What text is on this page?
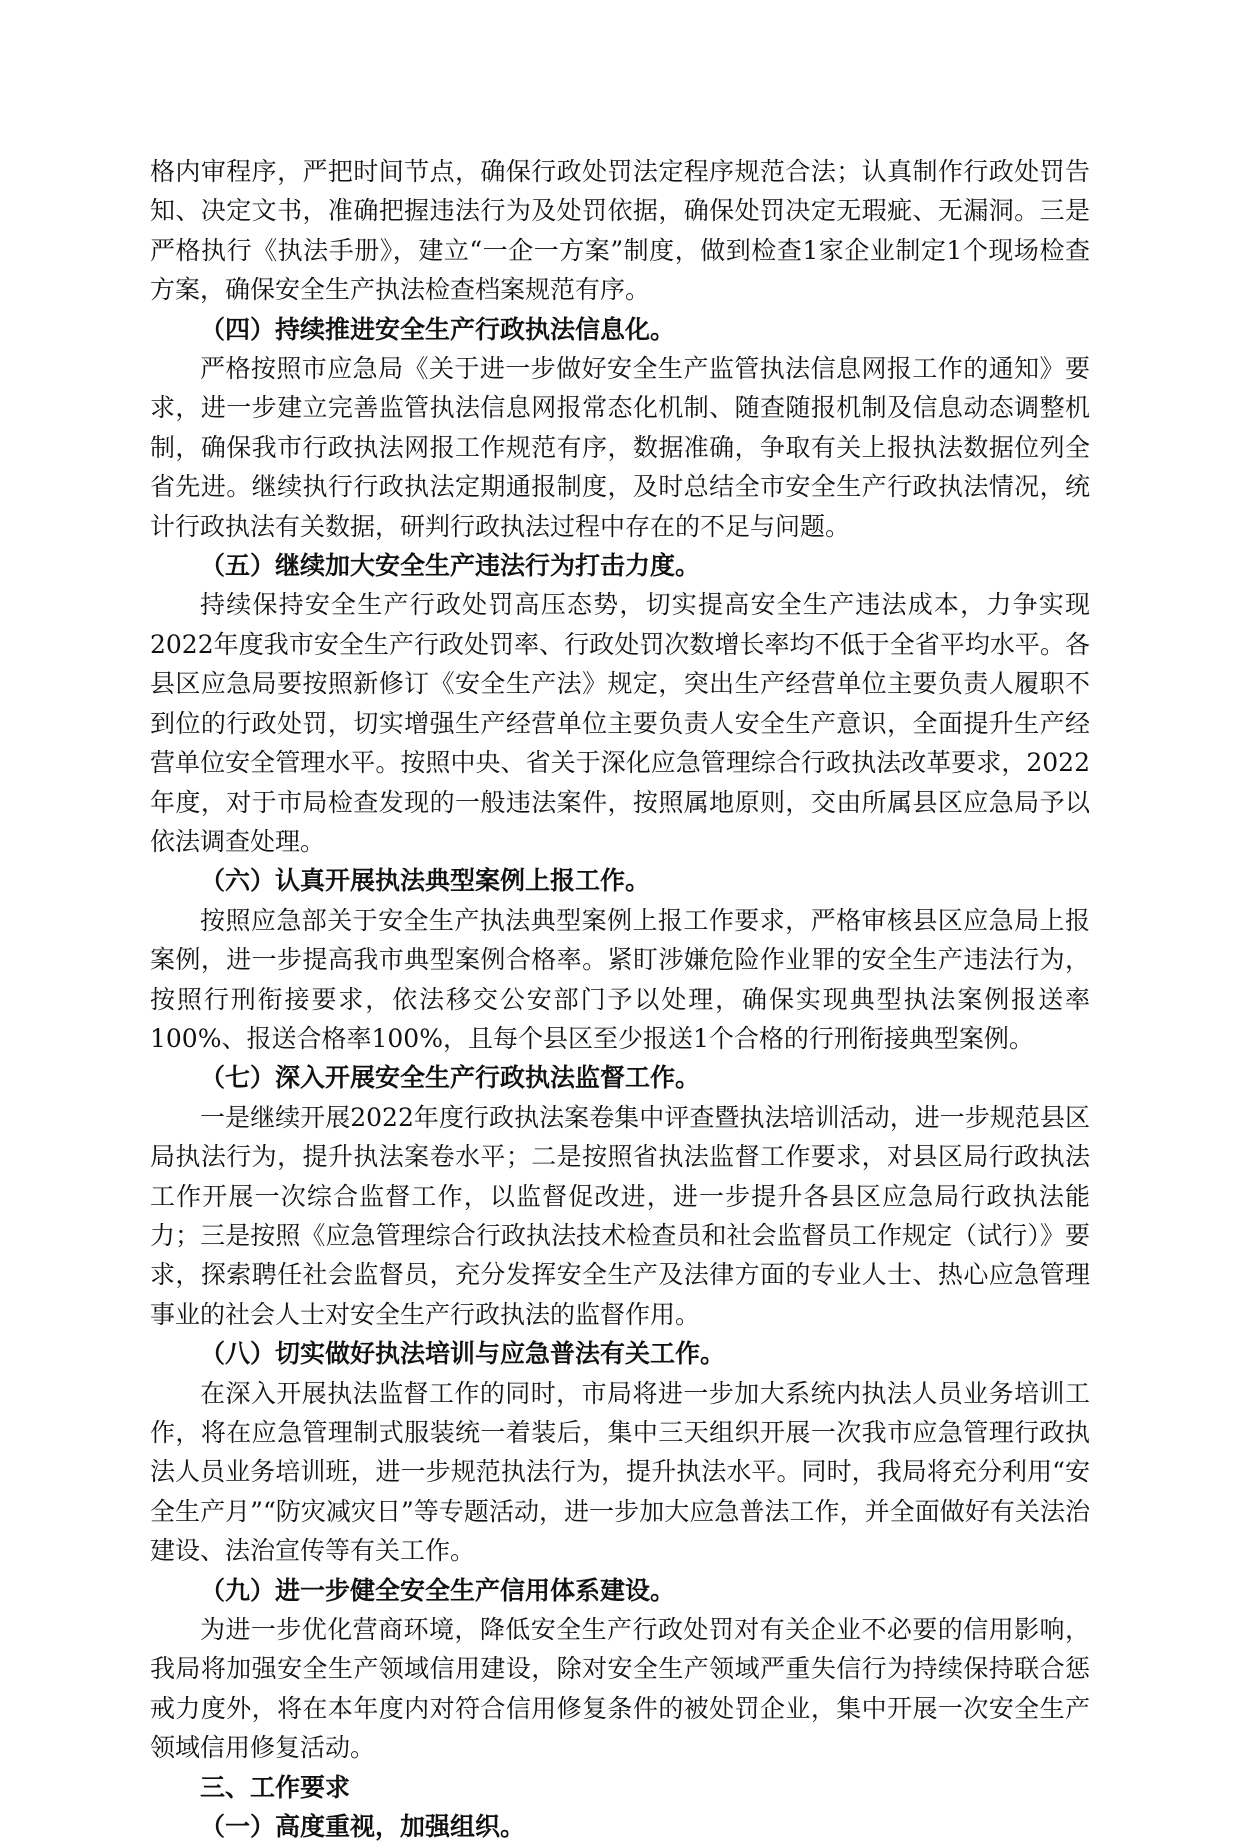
格内审程序，严把时间节点，确保行政处罚法定程序规范合法；认真制作行政处罚告知、决定文书，准确把握违法行为及处罚依据，确保处罚决定无瑕疵、无漏洞。三是严格执行《执法手册》，建立“一企一方案”制度，做到检查1家企业制定1个现场检查方案，确保安全生产执法检查档案规范有序。

（四）持续推进安全生产行政执法信息化。

严格按照市应急局《关于进一步做好安全生产监管执法信息网报工作的通知》要求，进一步建立完善监管执法信息网报常态化机制、随查随报机制及信息动态调整机制，确保我市行政执法网报工作规范有序，数据准确，争取有关上报执法数据位列全省先进。继续执行行政执法定期通报制度，及时总结全市安全生产行政执法情况，统计行政执法有关数据，研判行政执法过程中存在的不足与问题。

（五）继续加大安全生产违法行为打击力度。

持续保持安全生产行政处罚高压态势，切实提高安全生产违法成本，力争实现2022年度我市安全生产行政处罚率、行政处罚次数增长率均不低于全省平均水平。各县区应急局要按照新修订《安全生产法》规定，突出生产经营单位主要负责人履职不到位的行政处罚，切实增强生产经营单位主要负责人安全生产意识，全面提升生产经营单位安全管理水平。按照中央、省关于深化应急管理综合行政执法改革要求，2022年度，对于市局检查发现的一般违法案件，按照属地原则，交由所属县区应急局予以依法调查处理。

（六）认真开展执法典型案例上报工作。

按照应急部关于安全生产执法典型案例上报工作要求，严格审核县区应急局上报案例，进一步提高我市典型案例合格率。紧盯涉嫌危险作业罪的安全生产违法行为，按照行刑衔接要求，依法移交公安部门予以处理，确保实现典型执法案例报送率100%、报送合格率100%，且每个县区至少报送1个合格的行刑衔接典型案例。

（七）深入开展安全生产行政执法监督工作。

一是继续开展2022年度行政执法案卷集中评查暨执法培训活动，进一步规范县区局执法行为，提升执法案卷水平；二是按照省执法监督工作要求，对县区局行政执法工作开展一次综合监督工作，以监督促改进，进一步提升各县区应急局行政执法能力；三是按照《应急管理综合行政执法技术检查员和社会监督员工作规定（试行）》要求，探索聘任社会监督员，充分发挥安全生产及法律方面的专业人士、热心应急管理事业的社会人士对安全生产行政执法的监督作用。

（八）切实做好执法培训与应急普法有关工作。

在深入开展执法监督工作的同时，市局将进一步加大系统内执法人员业务培训工作，将在应急管理制式服装统一着装后，集中三天组织开展一次我市应急管理行政执法人员业务培训班，进一步规范执法行为，提升执法水平。同时，我局将充分利用“安全生产月”“防灾减灾日”等专题活动，进一步加大应急普法工作，并全面做好有关法治建设、法治宣传等有关工作。

（九）进一步健全安全生产信用体系建设。

为进一步优化营商环境，降低安全生产行政处罚对有关企业不必要的信用影响，我局将加强安全生产领域信用建设，除对安全生产领域严重失信行为持续保持联合惩戒力度外，将在本年度内对符合信用修复条件的被处罚企业，集中开展一次安全生产领域信用修复活动。

三、工作要求
（一）高度重视，加强组织。
